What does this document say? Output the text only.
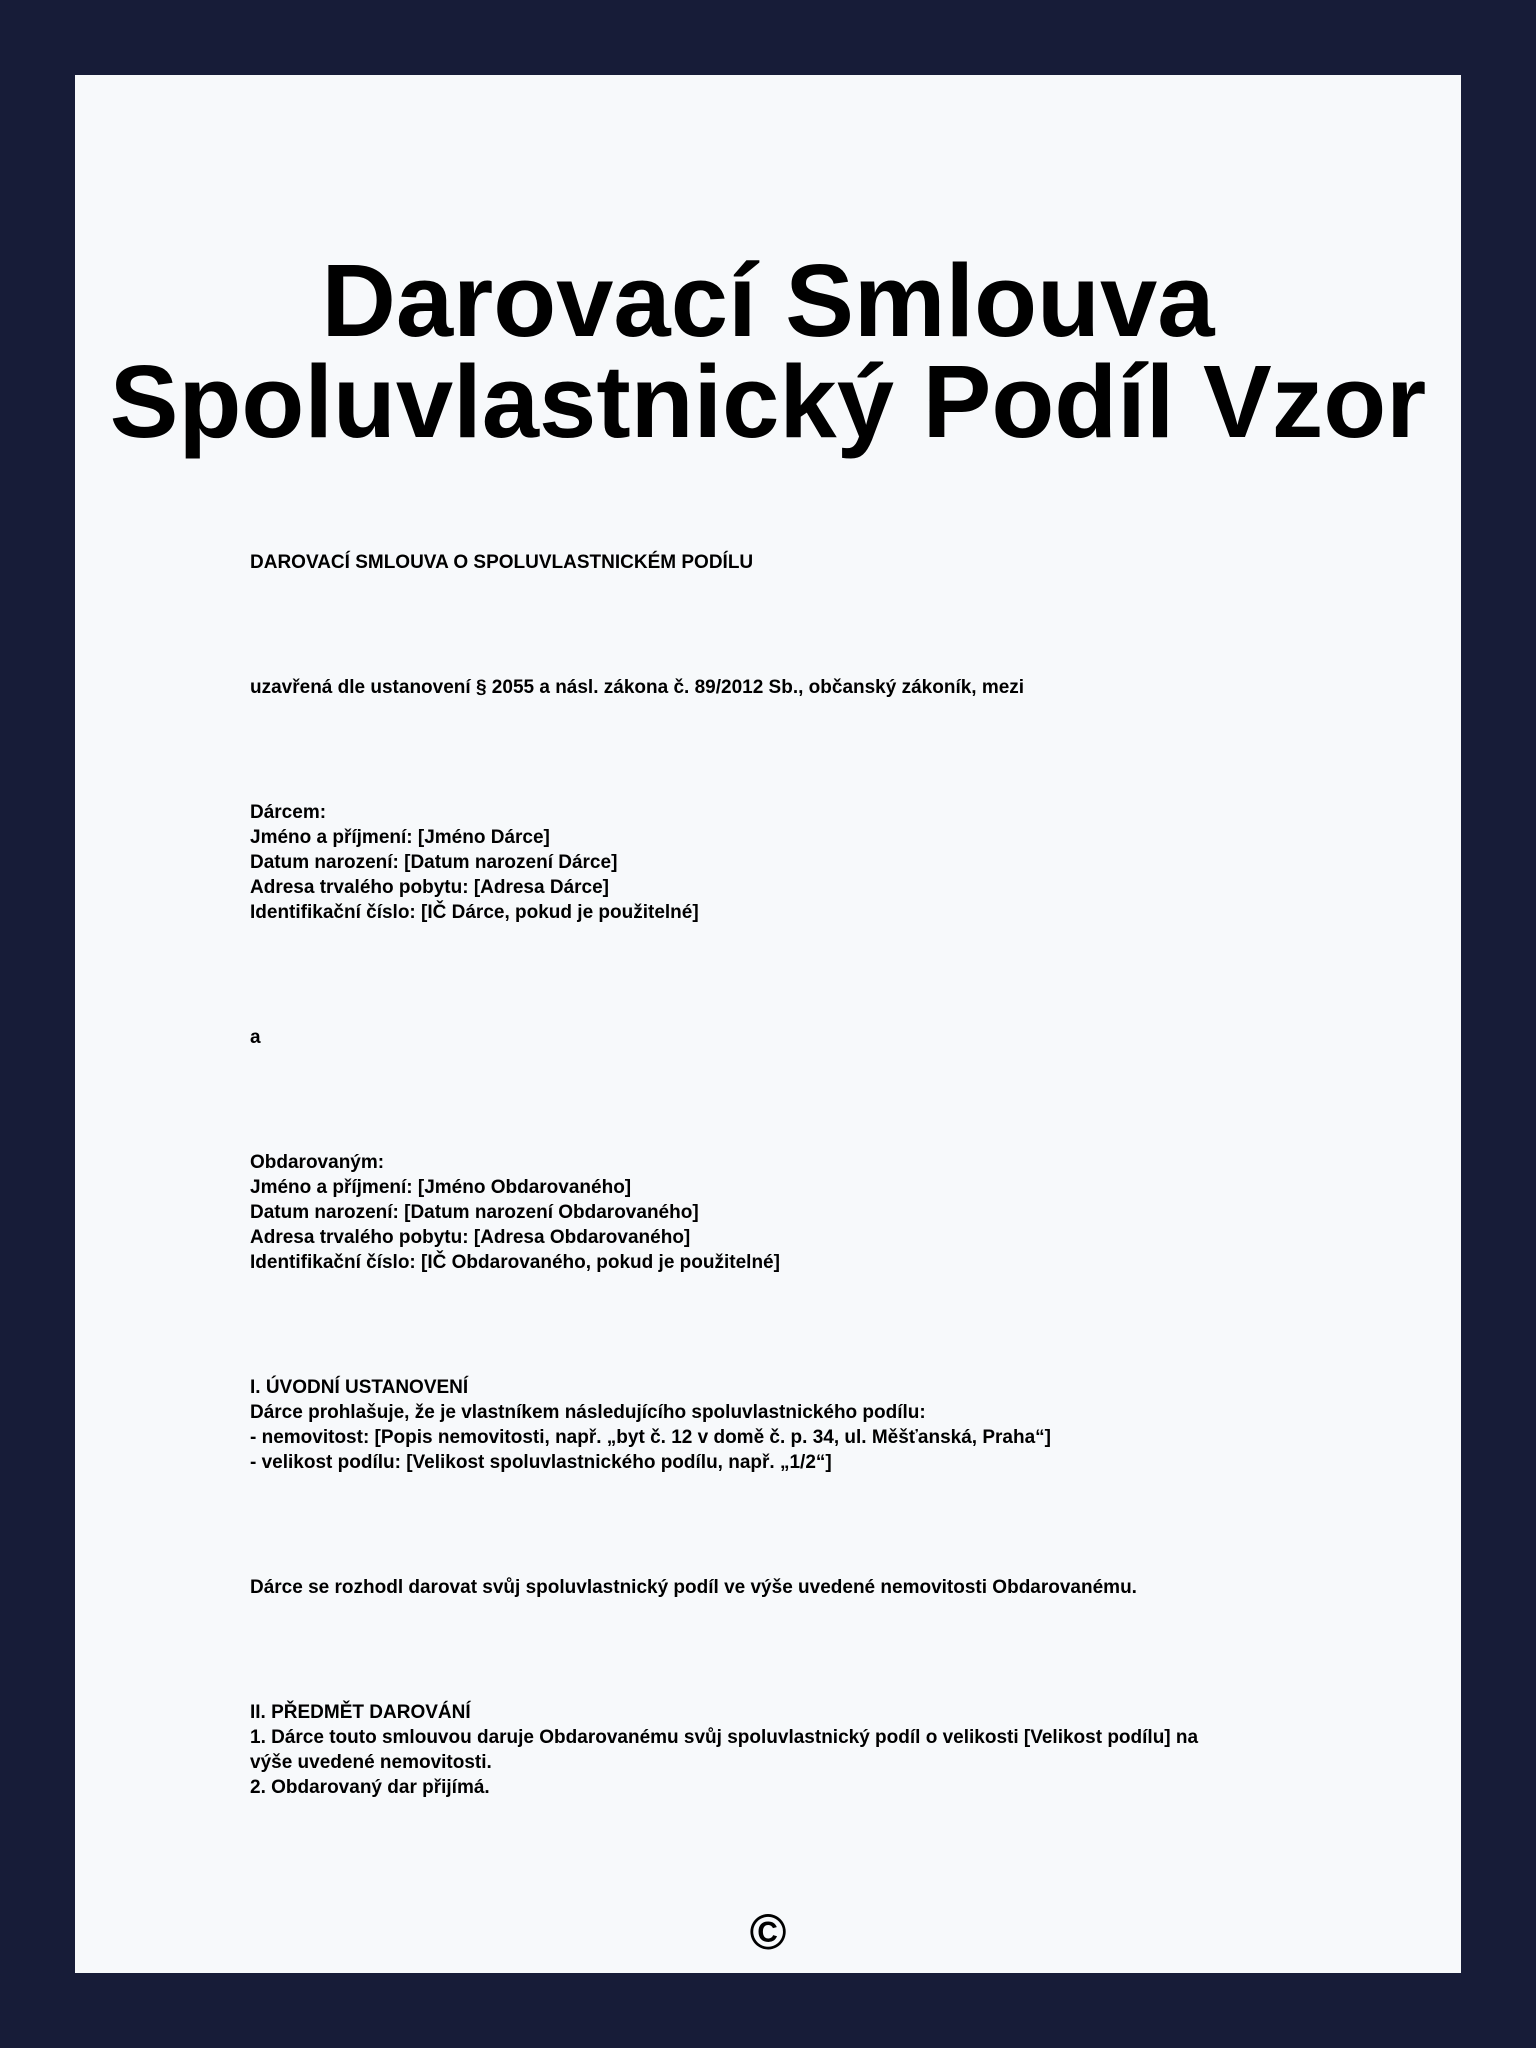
Darovací Smlouva
Spoluvlastnický Podíl Vzor
DAROVACÍ SMLOUVA O SPOLUVLASTNICKÉM PODÍLU
uzavřená dle ustanovení § 2055 a násl. zákona č. 89/2012 Sb., občanský zákoník, mezi
Dárcem:
Jméno a příjmení: [Jméno Dárce]
Datum narození: [Datum narození Dárce]
Adresa trvalého pobytu: [Adresa Dárce]
Identifikační číslo: [IČ Dárce, pokud je použitelné]
a
Obdarovaným:
Jméno a příjmení: [Jméno Obdarovaného]
Datum narození: [Datum narození Obdarovaného]
Adresa trvalého pobytu: [Adresa Obdarovaného]
Identifikační číslo: [IČ Obdarovaného, pokud je použitelné]
I. ÚVODNÍ USTANOVENÍ
Dárce prohlašuje, že je vlastníkem následujícího spoluvlastnického podílu:
- nemovitost: [Popis nemovitosti, např. „byt č. 12 v domě č. p. 34, ul. Měšťanská, Praha“]
- velikost podílu: [Velikost spoluvlastnického podílu, např. „1/2“]
Dárce se rozhodl darovat svůj spoluvlastnický podíl ve výše uvedené nemovitosti Obdarovanému.
II. PŘEDMĚT DAROVÁNÍ
1. Dárce touto smlouvou daruje Obdarovanému svůj spoluvlastnický podíl o velikosti [Velikost podílu] na
výše uvedené nemovitosti.
2. Obdarovaný dar přijímá.
©
